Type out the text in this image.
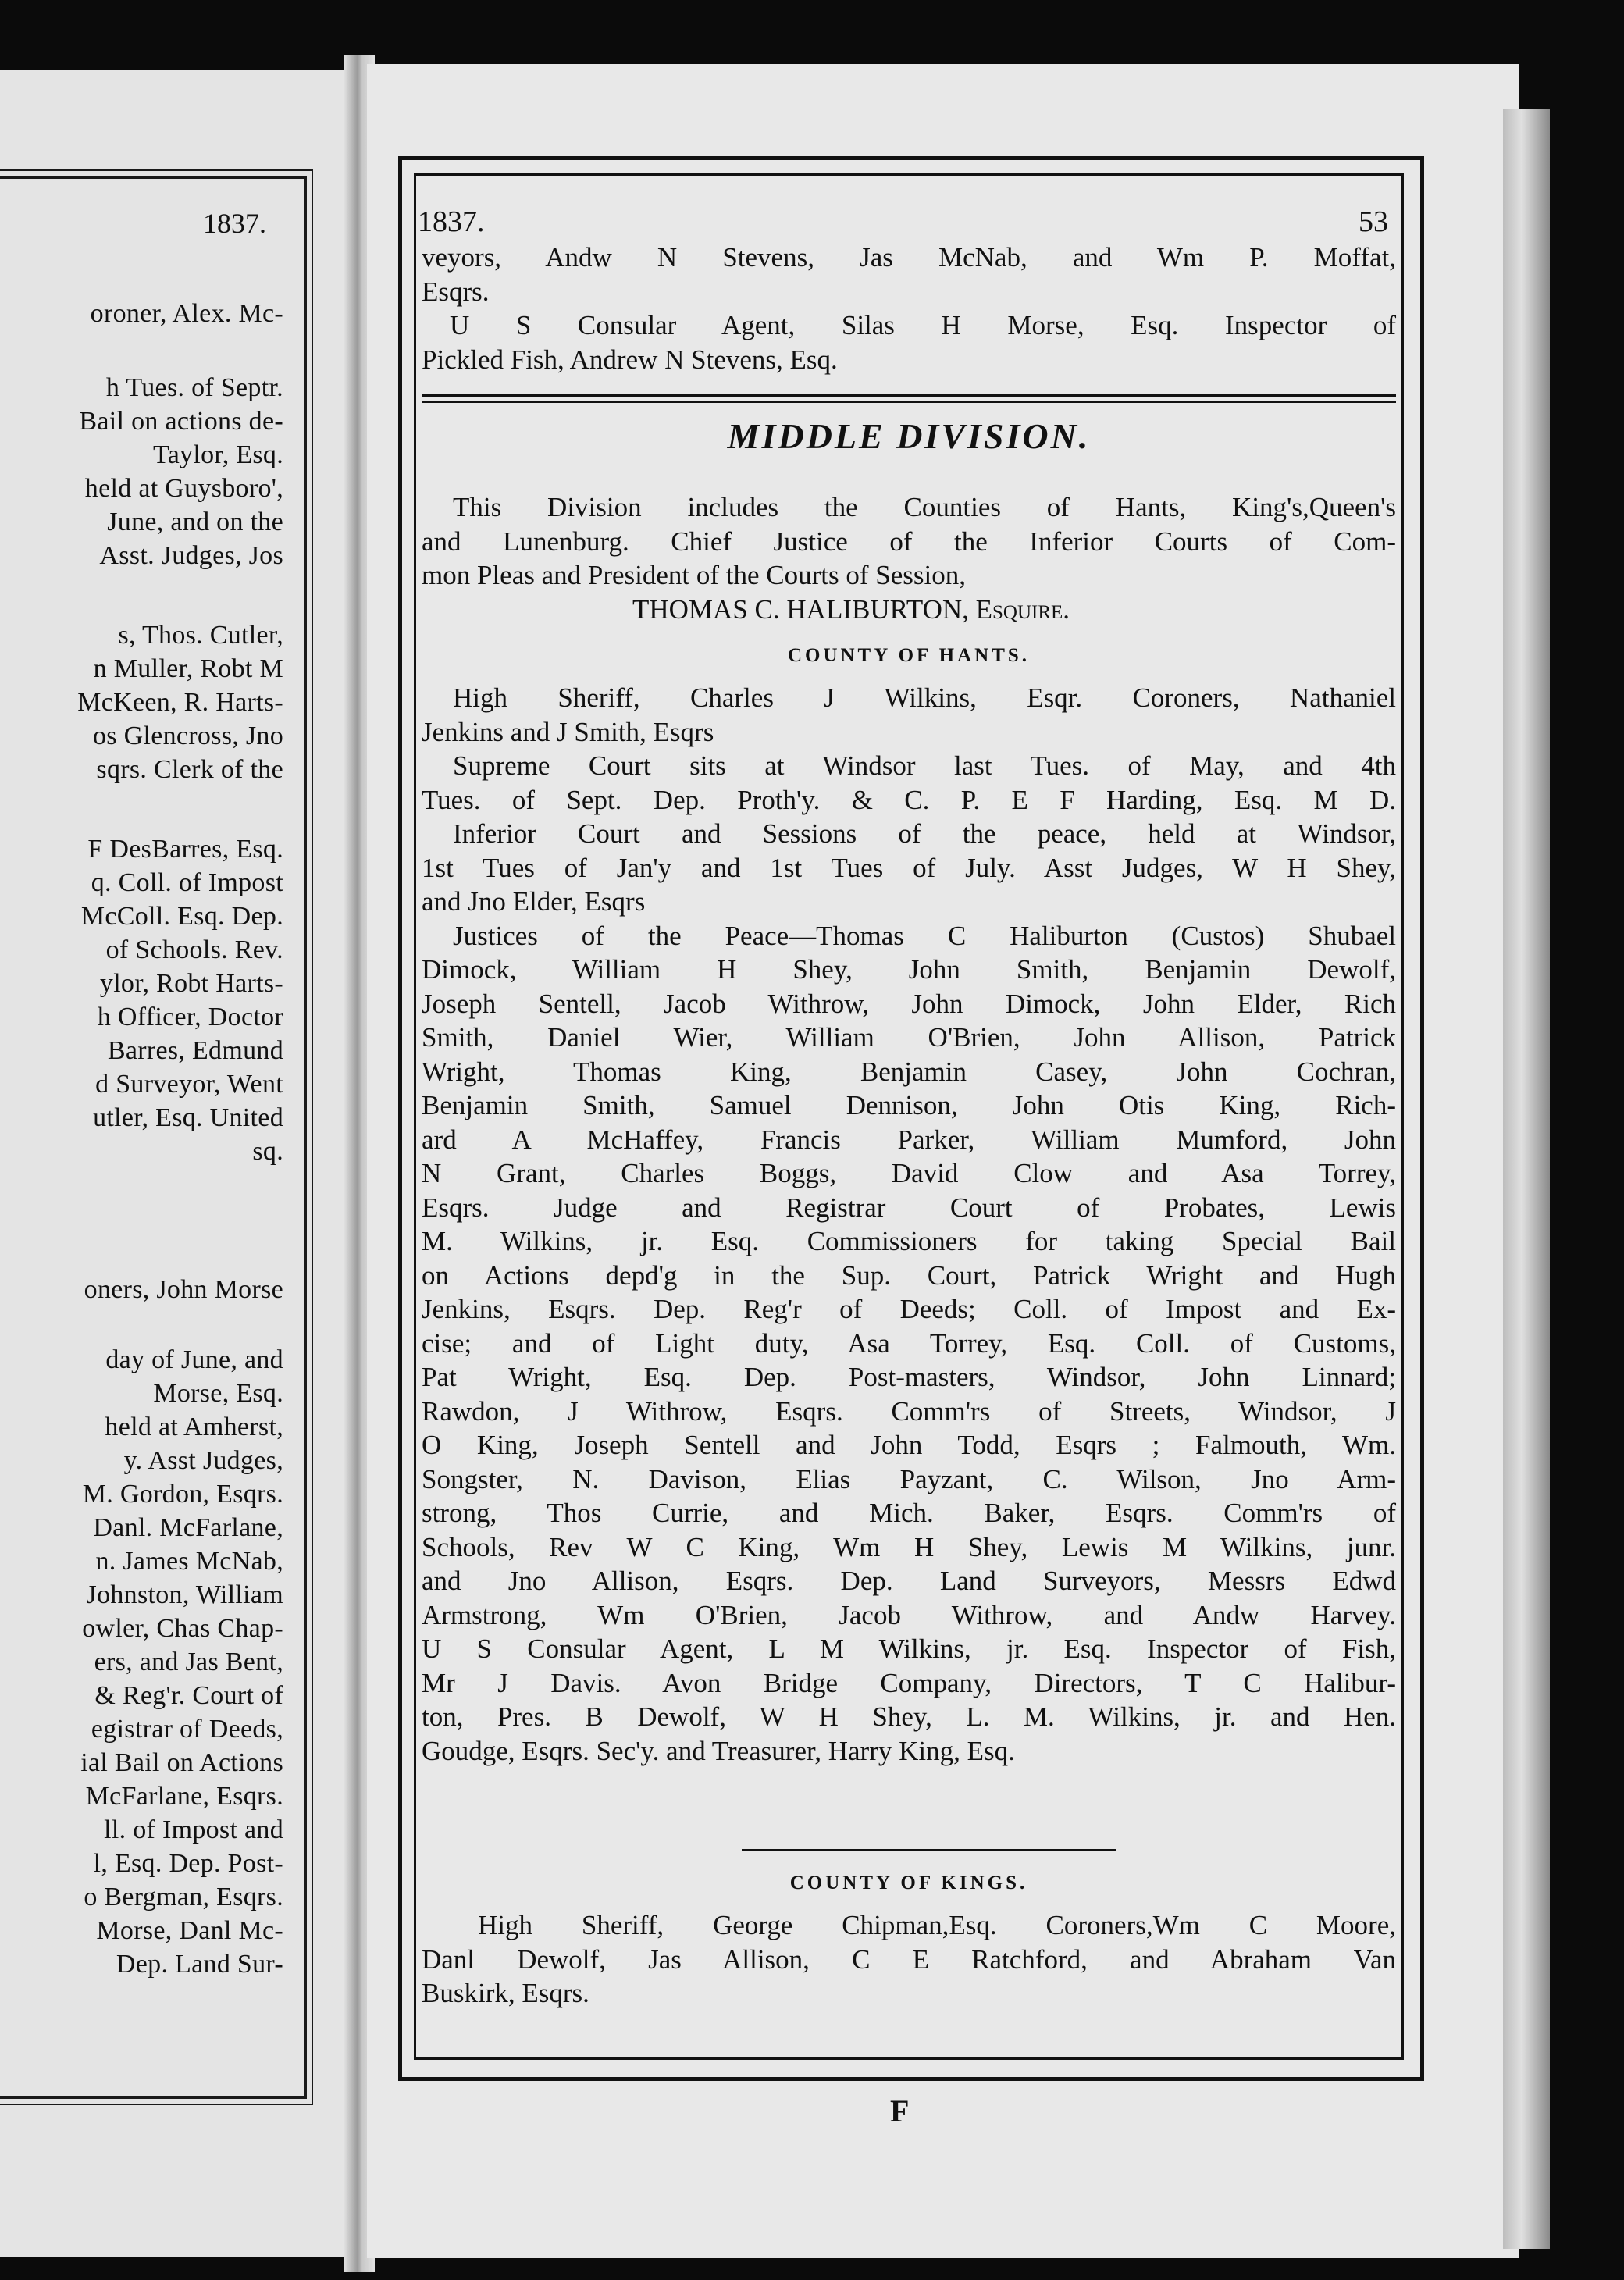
1837.
oroner, Alex. Mc-
h Tues. of Septr.
Bail on actions de-
Taylor, Esq.
held at Guysboro',
June, and on the
Asst. Judges, Jos
s, Thos. Cutler,
n Muller, Robt M
McKeen, R. Harts-
os Glencross, Jno
sqrs. Clerk of the
F DesBarres, Esq.
q. Coll. of Impost
McColl. Esq. Dep.
of Schools. Rev.
ylor, Robt Harts-
h Officer, Doctor
Barres, Edmund
d Surveyor, Went
utler, Esq. United
sq.
oners, John Morse
day of June, and
Morse, Esq.
held at Amherst,
y. Asst Judges,
M. Gordon, Esqrs.
Danl. McFarlane,
n. James McNab,
Johnston, William
owler, Chas Chap-
ers, and Jas Bent,
& Reg'r. Court of
egistrar of Deeds,
ial Bail on Actions
McFarlane, Esqrs.
ll. of Impost and
l, Esq. Dep. Post-
o Bergman, Esqrs.
Morse, Danl Mc-
Dep. Land Sur-
1837.	53
veyors, Andw N Stevens, Jas McNab, and Wm P. Moffat,
Esqrs.
U S Consular Agent, Silas H Morse, Esq. Inspector of
Pickled Fish, Andrew N Stevens, Esq.
MIDDLE DIVISION.
This Division includes the Counties of Hants, King's,Queen's
and Lunenburg. Chief Justice of the Inferior Courts of Com-
mon Pleas and President of the Courts of Session,
THOMAS C. HALIBURTON, Esquire.
COUNTY OF HANTS.
High Sheriff, Charles J Wilkins, Esqr. Coroners, Nathaniel
Jenkins and J Smith, Esqrs
Supreme Court sits at Windsor last Tues. of May, and 4th
Tues. of Sept. Dep. Proth'y. & C. P. E F Harding, Esq. M D.
Inferior Court and Sessions of the peace, held at Windsor,
1st Tues of Jan'y and 1st Tues of July. Asst Judges, W H Shey,
and Jno Elder, Esqrs
Justices of the Peace—Thomas C Haliburton (Custos) Shubael
Dimock, William H Shey, John Smith, Benjamin Dewolf,
Joseph Sentell, Jacob Withrow, John Dimock, John Elder, Rich
Smith, Daniel Wier, William O'Brien, John Allison, Patrick
Wright, Thomas King, Benjamin Casey, John Cochran,
Benjamin Smith, Samuel Dennison, John Otis King, Rich-
ard A McHaffey, Francis Parker, William Mumford, John
N Grant, Charles Boggs, David Clow and Asa Torrey,
Esqrs. Judge and Registrar Court of Probates, Lewis
M. Wilkins, jr. Esq. Commissioners for taking Special Bail
on Actions depd'g in the Sup. Court, Patrick Wright and Hugh
Jenkins, Esqrs. Dep. Reg'r of Deeds; Coll. of Impost and Ex-
cise; and of Light duty, Asa Torrey, Esq. Coll. of Customs,
Pat Wright, Esq. Dep. Post-masters, Windsor, John Linnard;
Rawdon, J Withrow, Esqrs. Comm'rs of Streets, Windsor, J
O King, Joseph Sentell and John Todd, Esqrs ; Falmouth, Wm.
Songster, N. Davison, Elias Payzant, C. Wilson, Jno Arm-
strong, Thos Currie, and Mich. Baker, Esqrs. Comm'rs of
Schools, Rev W C King, Wm H Shey, Lewis M Wilkins, junr.
and Jno Allison, Esqrs. Dep. Land Surveyors, Messrs Edwd
Armstrong, Wm O'Brien, Jacob Withrow, and Andw Harvey.
U S Consular Agent, L M Wilkins, jr. Esq. Inspector of Fish,
Mr J Davis. Avon Bridge Company, Directors, T C Halibur-
ton, Pres. B Dewolf, W H Shey, L. M. Wilkins, jr. and Hen.
Goudge, Esqrs. Sec'y. and Treasurer, Harry King, Esq.
COUNTY OF KINGS.
High Sheriff, George Chipman,Esq. Coroners,Wm C Moore,
Danl Dewolf, Jas Allison, C E Ratchford, and Abraham Van
Buskirk, Esqrs.
F
